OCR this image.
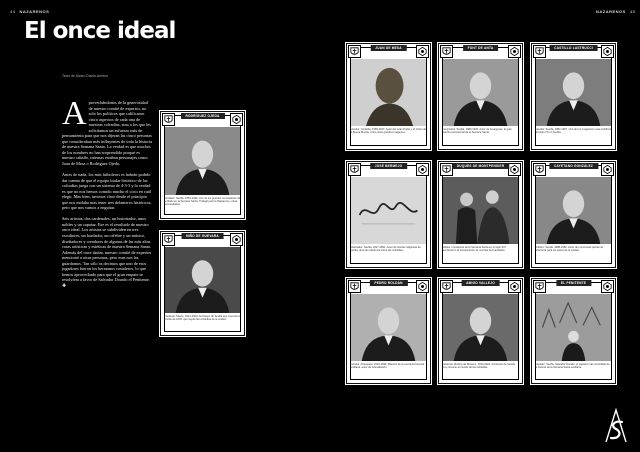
44 NAZARENOS	NAZARENOS 45
El once ideal
Texto de Álvaro Dávila-Armero

Aprovechándonos de la generosidad de nuestro comité de expertos, no solo los políticos que calificaron cinco aspectos de cada una de nuestras cofradías, sino a los que les solicitamos un esfuerzo más de pensamiento para que nos dijeran las cinco personas que consideraban más influyentes de toda la historia de nuestra Semana Santa. La verdad es que muchos de los nombres no han sorprendido porque es nuestro caballo, internas estaban personajes como Juan de Mesa o Rodríguez Ojeda.

Antes de nada, los más futboleros es habrán podido dar cuenta de que el equipo titular histórico de las cofradías juega con un sistema de 4-3-3 y la verdad es que no nos hemos comido mucho el coco en cuál elegir. Mas bien, tuvimos claro desde el principio que nos molaba mas tener tres delanteros históricos, pero que nos vamos a enguitar.

Seis artistas, dos cardenales, un historiador, unos nobles y un capataz. Ese es el resultado de nuestro once ideal. Los artistas se subdividen en tres escultores, un bordador, un orfebre y un músico, diseñadores y creadores de algunas de las más altas cotas artísticas y estéticas de nuestra Semana Santa. Además del once titular, nuestro comité de expertos mencionó a otras personas, pero esas nos las guardamos. Tan sólo os decimos que uno de esos jugadores fueron los hermanos costaleros, lo que hemos aprovechado para que el gran empate se resolviera a favor de Salvador Dorado el Penitente. ✚

RODRÍGUEZ OJEDA
Bordador. Sevilla, 1853-1929. Uno de los grandes renovadores del bordado en la Semana Santa. Trabajó para la Macarena y otras hermandades.
NIÑO DE GUEVARA
Cardenal. Toledo, 1541-1609. Arzobispo de Sevilla que convocó el sínodo de 1604, que reguló las cofradías de la ciudad.
JUAN DE MESA
Escultor. Córdoba, 1583-1627. Autor del Gran Poder y el Cristo de la Buena Muerte, entre otras grandes imágenes.
FONT DE ANTA
Compositor. Sevilla, 1889-1936. Autor de Amarguras, la gran marcha procesional de la Semana Santa.
CASTILLO LASTRUCCI
Escultor. Sevilla, 1882-1967. Uno de los imagineros más prolíficos del siglo XX en Sevilla.
JOSÉ BERMEJO
Historiador. Sevilla, 1817-1891. Autor de Glorias religiosas de Sevilla, obra de referencia sobre las cofradías.
DUQUES DE MONTPENSIER
Nobles. Impulsores de la Semana Santa en el siglo XIX, favorecieron la recuperación de muchas hermandades.
CAYETANO GONZÁLEZ
Orfebre. Sevilla, 1888-1982. Autor de numerosas piezas de orfebrería para los pasos de la ciudad.
PEDRO ROLDÁN
Escultor. Antequera, 1624-1699. Maestro de la escultura barroca sevillana, autor de la Exaltación.
AMIGO VALLEJO
Cardenal. Medina de Rioseco, 1934-2022. Arzobispo de Sevilla muy cercano al mundo de las cofradías.
EL PENITENTE
Capataz. Sevilla. Salvador Dorado, el capataz más recordado de la historia de la Semana Santa sevillana.
